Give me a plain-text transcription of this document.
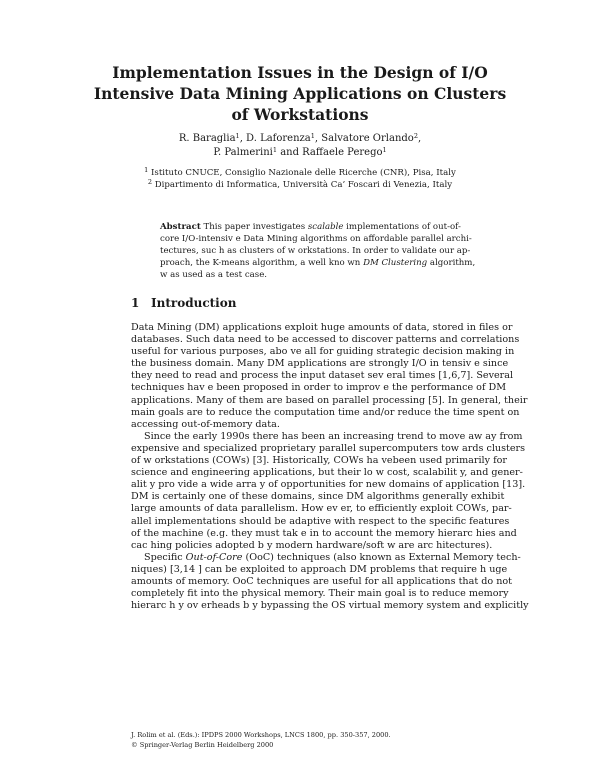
Implementation Issues in the Design of I/O
Intensive Data Mining Applications on Clusters
of Workstations
R. Baraglia$^1$, D. Laforenza$^1$, Salvatore Orlando$^2$,
P. Palmerini$^1$ and Raffaele Perego$^1$
$^1$ Istituto CNUCE, Consiglio Nazionale delle Ricerche (CNR), Pisa, Italy
$^2$ Dipartimento di Informatica, Università Ca’ Foscari di Venezia, Italy
Abstract This paper investigates scalable implementations of out-of-
core I/O-intensiv e Data Mining algorithms on affordable parallel archi-
tectures, suc h as clusters of w orkstations. In order to validate our ap-
proach, the K-means algorithm, a well kno wn DM Clustering algorithm,
w as used as a test case.
1 Introduction
Data Mining (DM) applications exploit huge amounts of data, stored in files or
databases. Such data need to be accessed to discover patterns and correlations
useful for various purposes, abo ve all for guiding strategic decision making in
the business domain. Many DM applications are strongly I/O in tensiv e since
they need to read and process the input dataset sev eral times [1,6,7]. Several
techniques hav e been proposed in order to improv e the performance of DM
applications. Many of them are based on parallel processing [5]. In general, their
main goals are to reduce the computation time and/or reduce the time spent on
accessing out-of-memory data.
Since the early 1990s there has been an increasing trend to move aw ay from
expensive and specialized proprietary parallel supercomputers tow ards clusters
of w orkstations (COWs) [3]. Historically, COWs ha vebeen used primarily for
science and engineering applications, but their lo w cost, scalabilit y, and gener-
alit y pro vide a wide arra y of opportunities for new domains of application [13].
DM is certainly one of these domains, since DM algorithms generally exhibit
large amounts of data parallelism. How ev er, to efficiently exploit COWs, par-
allel implementations should be adaptive with respect to the specific features
of the machine (e.g. they must tak e in to account the memory hierarc hies and
cac hing policies adopted b y modern hardware/soft w are arc hitectures).
Specific Out-of-Core (OoC) techniques (also known as External Memory tech-
niques) [3,14 ] can be exploited to approach DM problems that require h uge
amounts of memory. OoC techniques are useful for all applications that do not
completely fit into the physical memory. Their main goal is to reduce memory
hierarc h y ov erheads b y bypassing the OS virtual memory system and explicitly
J. Rolim et al. (Eds.): IPDPS 2000 Workshops, LNCS 1800, pp. 350-357, 2000.
© Springer-Verlag Berlin Heidelberg 2000
